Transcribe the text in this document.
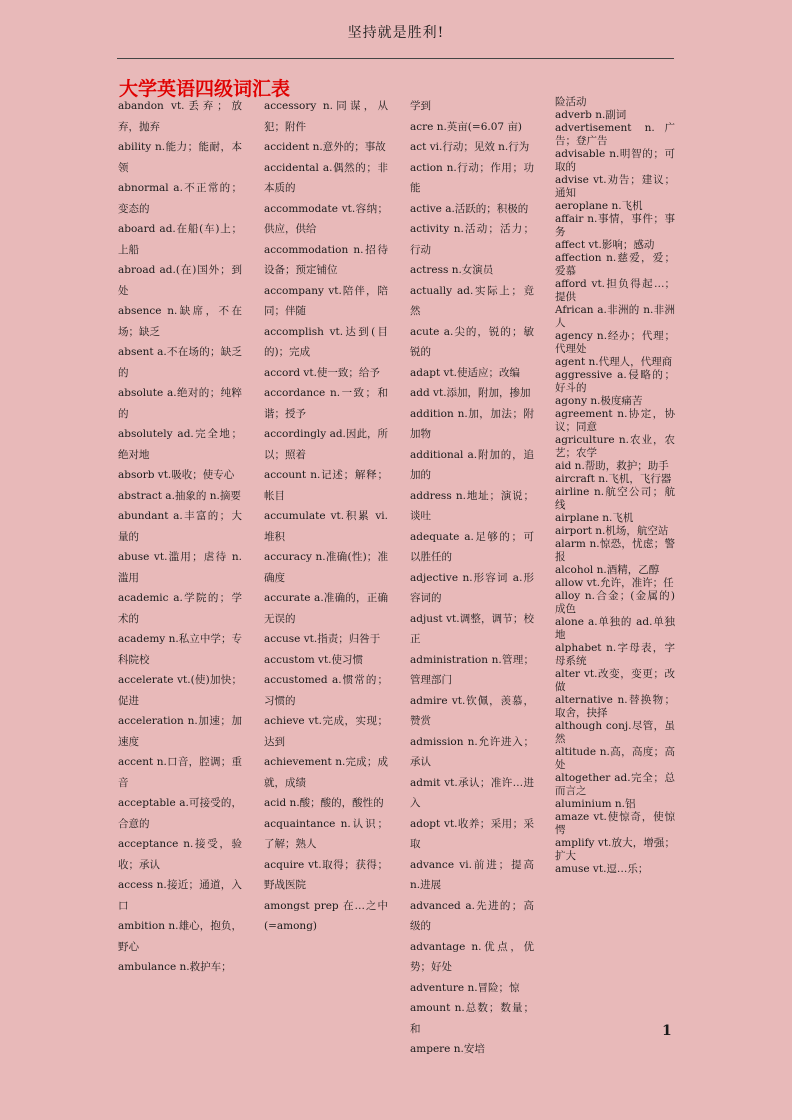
坚持就是胜利!
大学英语四级词汇表

abandon vt.丢弃；放弃，抛弃

ability n.能力；能耐，本领

abnormal a.不正常的；变态的

aboard ad.在船(车)上；上船

abroad ad.(在)国外；到处

absence n.缺席，不在场；缺乏

absent a.不在场的；缺乏的

absolute a.绝对的；纯粹的

absolutely ad.完全地；绝对地

absorb vt.吸收；使专心

abstract a.抽象的 n.摘要

abundant a.丰富的；大量的

abuse vt.滥用；虐待 n.滥用

academic a.学院的；学术的

academy n.私立中学；专科院校

accelerate vt.(使)加快；促进

acceleration n.加速；加速度

accent n.口音，腔调；重音

acceptable a.可接受的，合意的

acceptance n.接受，验收；承认

access n.接近；通道，入口

ambition n.雄心，抱负，野心

ambulance n.救护车；

accessory n.同谋，从犯；附件

accident n.意外的；事故

accidental a.偶然的；非本质的

accommodate vt.容纳；供应，供给

accommodation n.招待设备；预定铺位

accompany vt.陪伴，陪同；伴随

accomplish vt.达到(目的)；完成

accord vt.使一致；给予

accordance n.一致；和谐；授予

accordingly ad.因此，所以；照着

account n.记述；解释；帐目

accumulate vt.积累 vi.堆积

accuracy n.准确(性)；准确度

accurate a.准确的，正确无误的

accuse vt.指责；归咎于

accustom vt.使习惯

accustomed a.惯常的；习惯的

achieve vt.完成，实现；达到

achievement n.完成；成就，成绩

acid n.酸；酸的，酸性的

acquaintance n.认识；了解；熟人

acquire vt.取得；获得；野战医院

amongst prep 在…之中(=among)

学到

acre n.英亩(=6.07 亩)

act vi.行动；见效 n.行为

action n.行动；作用；功能

active a.活跃的；积极的

activity n.活动；活力；行动

actress n.女演员

actually ad.实际上；竟然

acute a.尖的，锐的；敏锐的

adapt vt.使适应；改编

add vt.添加，附加，掺加

addition n.加，加法；附加物

additional a.附加的，追加的

address n.地址；演说；谈吐

adequate a.足够的；可以胜任的

adjective n.形容词 a.形容词的

adjust vt.调整，调节；校正

administration n.管理；管理部门

admire vt.钦佩，羡慕，赞赏

admission n.允许进入；承认

admit vt.承认；准许…进入

adopt vt.收养；采用；采取

advance vi.前进；提高 n.进展

advanced a.先进的；高级的

advantage n.优点，优势；好处

adventure n.冒险；惊

amount n.总数；数量；和

ampere n.安培

险活动

adverb n.副词

advertisement n.广告；登广告

advisable n.明智的；可取的

advise vt.劝告；建议；通知

aeroplane n.飞机

affair n.事情，事件；事务

affect vt.影响；感动

affection n.慈爱，爱；爱慕

afford vt.担负得起…；提供

African a.非洲的 n.非洲人

agency n.经办；代理；代理处

agent n.代理人，代理商

aggressive a.侵略的；好斗的

agony n.极度痛苦

agreement n.协定，协议；同意

agriculture n.农业，农艺；农学

aid n.帮助，救护；助手

aircraft n.飞机，飞行器

airline n.航空公司；航线

airplane n.飞机

airport n.机场，航空站

alarm n.惊恐，忧虑；警报

alcohol n.酒精，乙醇

allow vt.允许，准许；任

alloy n.合金；(金属的)成色

alone a.单独的 ad.单独地

alphabet n.字母表，字母系统

alter vt.改变，变更；改做

alternative n.替换物；取舍，抉择

although conj.尽管，虽然

altitude n.高，高度；高处

altogether ad.完全；总而言之

aluminium n.铝

amaze vt.使惊奇，使惊愕

amplify vt.放大，增强；扩大

amuse vt.逗…乐；

1
